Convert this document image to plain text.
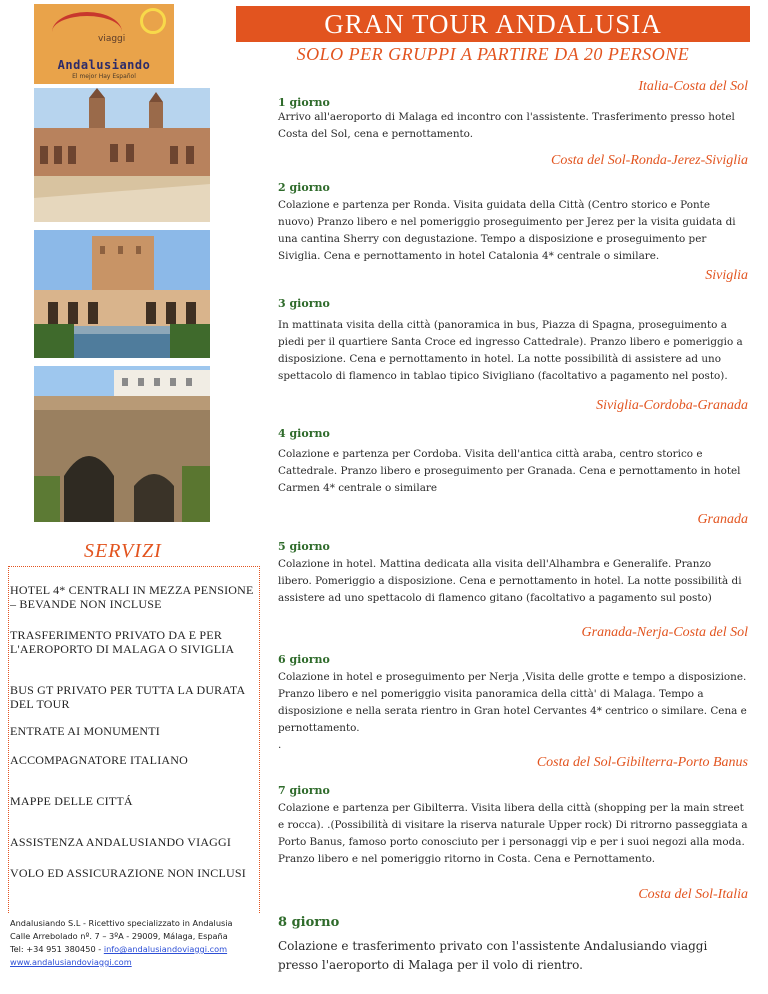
viaggi
Andalusiando
El mejor Hay Español
GRAN TOUR ANDALUSIA
SOLO PER GRUPPI A PARTIRE DA 20 PERSONE
Italia-Costa del Sol
1 giorno
Arrivo all'aeroporto di Malaga ed incontro con l'assistente. Trasferimento presso hotel Costa del Sol, cena e pernottamento.
Costa del Sol-Ronda-Jerez-Siviglia
2 giorno
Colazione e partenza per Ronda. Visita guidata della Città (Centro storico e Ponte nuovo) Pranzo libero e nel pomeriggio proseguimento per Jerez per la visita guidata di una cantina Sherry con degustazione. Tempo a disposizione e proseguimento per Siviglia. Cena e pernottamento in hotel Catalonia 4* centrale o similare.
Siviglia
3 giorno
In mattinata visita della città (panoramica in bus, Piazza di Spagna, proseguimento a piedi per il quartiere Santa Croce ed ingresso Cattedrale). Pranzo libero e pomeriggio a disposizione. Cena e pernottamento in hotel. La notte possibilità di assistere ad uno spettacolo di flamenco in tablao tipico Sivigliano (facoltativo a pagamento nel posto).
Siviglia-Cordoba-Granada
4 giorno
Colazione e partenza per Cordoba. Visita dell'antica città araba, centro storico e Cattedrale. Pranzo libero e proseguimento per Granada. Cena e pernottamento in hotel Carmen 4* centrale o similare
Granada
5 giorno
Colazione in hotel. Mattina dedicata alla visita dell'Alhambra e Generalife. Pranzo libero. Pomeriggio a disposizione. Cena e pernottamento in hotel. La notte possibilità di assistere ad uno spettacolo di flamenco gitano (facoltativo a pagamento sul posto)
Granada-Nerja-Costa del Sol
6 giorno
Colazione in hotel e proseguimento per Nerja ,Visita delle grotte e tempo a disposizione. Pranzo libero e nel pomeriggio visita panoramica della città' di Malaga. Tempo a disposizione e nella serata rientro in Gran hotel Cervantes 4* centrico o similare. Cena e pernottamento.
.
Costa del Sol-Gibilterra-Porto Banus
7 giorno
Colazione e partenza per Gibilterra. Visita libera della città (shopping per la main street e rocca). .(Possibilità di visitare la riserva naturale Upper rock) Di ritrorno passeggiata a Porto Banus, famoso porto conosciuto per i personaggi vip e per i suoi negozi alla moda. Pranzo libero e nel pomeriggio ritorno in Costa. Cena e Pernottamento.
Costa del Sol-Italia
8 giorno
Colazione e trasferimento privato con l'assistente Andalusiando viaggi presso l'aeroporto di Malaga per il volo di rientro.
SERVIZI
HOTEL 4* CENTRALI IN MEZZA PENSIONE – BEVANDE NON INCLUSE
TRASFERIMENTO PRIVATO DA E PER L'AEROPORTO DI MALAGA O SIVIGLIA
BUS GT PRIVATO PER TUTTA LA DURATA DEL TOUR
ENTRATE AI MONUMENTI
ACCOMPAGNATORE ITALIANO
MAPPE DELLE CITTÁ
ASSISTENZA ANDALUSIANDO VIAGGI
VOLO ED ASSICURAZIONE NON INCLUSI
Andalusiando S.L - Ricettivo specializzato in Andalusia
Calle Arrebolado nº. 7 – 3ºA - 29009, Málaga, España
Tel: +34 951 380450 - info@andalusiandoviaggi.com
www.andalusiandoviaggi.com
